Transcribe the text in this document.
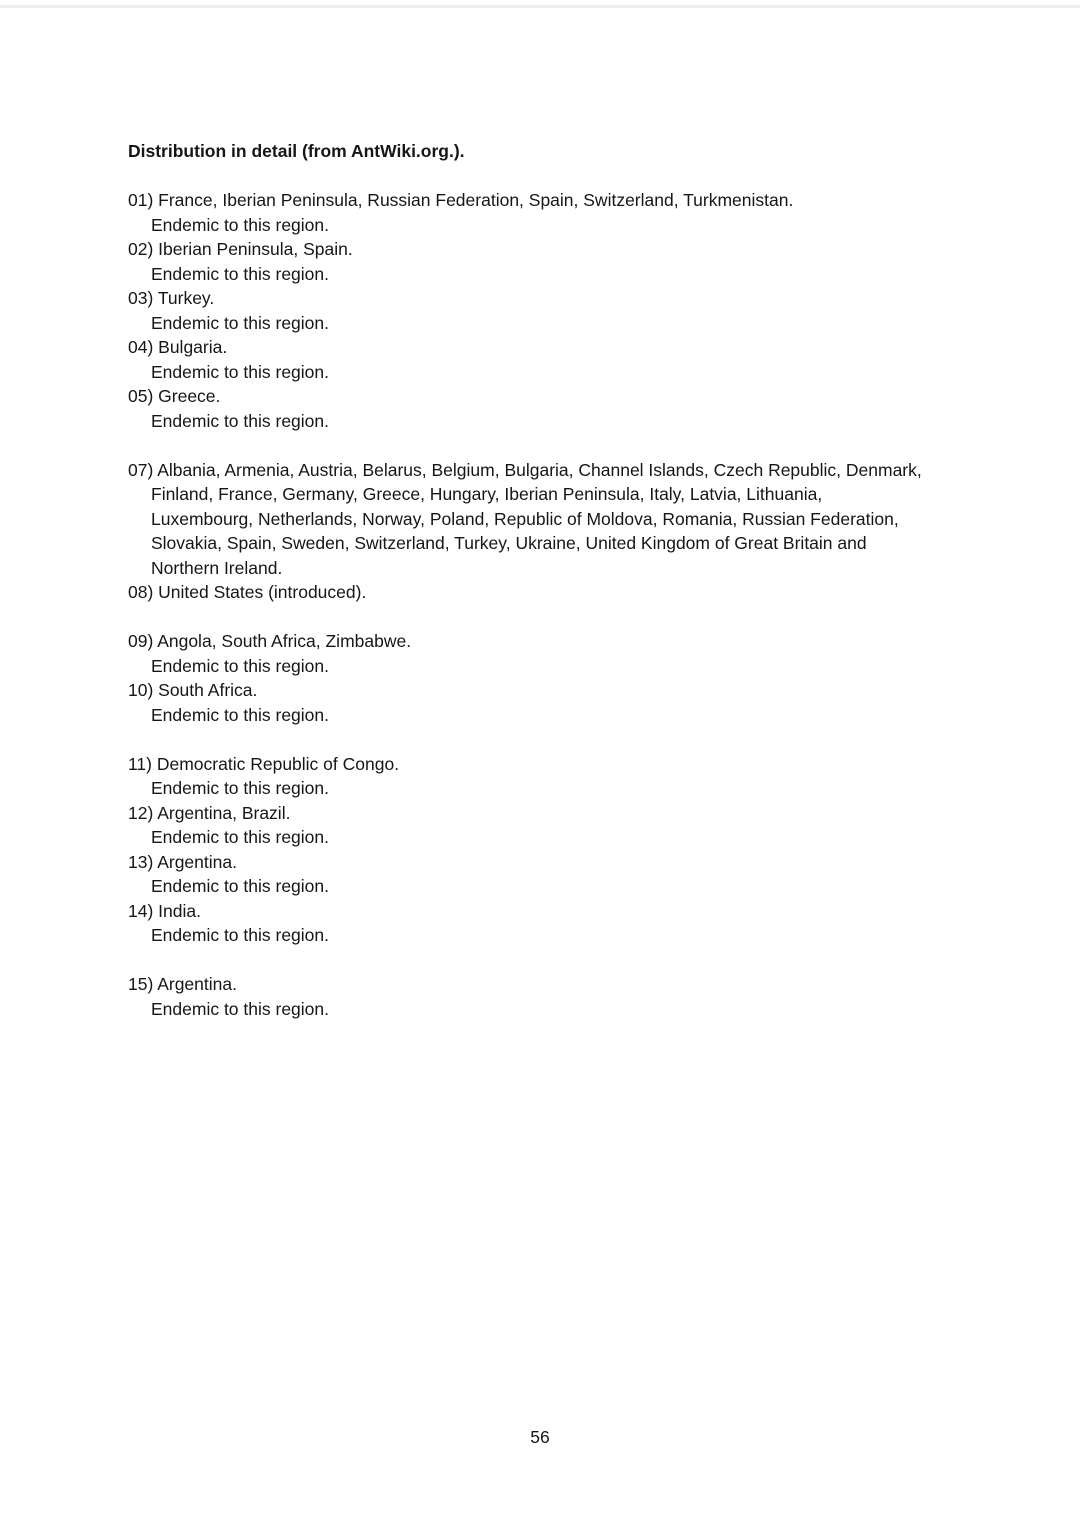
Distribution in detail (from AntWiki.org.).
01) France, Iberian Peninsula, Russian Federation, Spain, Switzerland, Turkmenistan.
Endemic to this region.
02) Iberian Peninsula, Spain.
Endemic to this region.
03) Turkey.
Endemic to this region.
04) Bulgaria.
Endemic to this region.
05) Greece.
Endemic to this region.
07) Albania, Armenia, Austria, Belarus, Belgium, Bulgaria, Channel Islands, Czech Republic, Denmark,
Finland, France, Germany, Greece, Hungary, Iberian Peninsula, Italy, Latvia, Lithuania,
Luxembourg, Netherlands, Norway, Poland, Republic of Moldova, Romania, Russian Federation,
Slovakia, Spain, Sweden, Switzerland, Turkey, Ukraine, United Kingdom of Great Britain and
Northern Ireland.
08) United States (introduced).
09) Angola, South Africa, Zimbabwe.
Endemic to this region.
10) South Africa.
Endemic to this region.
11) Democratic Republic of Congo.
Endemic to this region.
12) Argentina, Brazil.
Endemic to this region.
13) Argentina.
Endemic to this region.
14) India.
Endemic to this region.
15) Argentina.
Endemic to this region.
56
